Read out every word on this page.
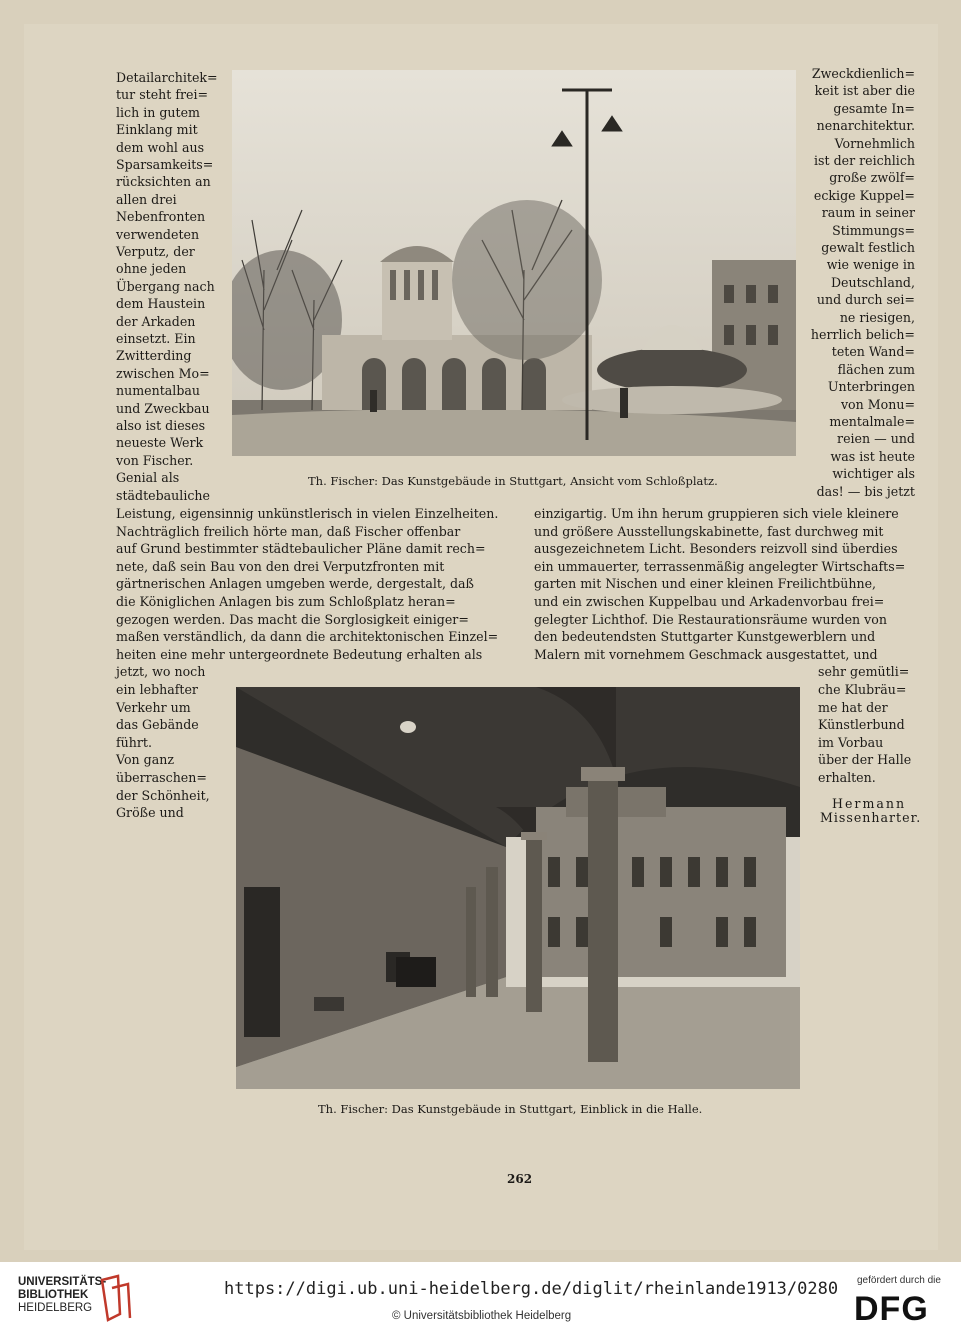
Detailarchitek=
tur steht frei=
lich in gutem
Einklang mit
dem wohl aus
Sparsamkeits=
rücksichten an
allen drei
Nebenfronten
verwendeten
Verputz, der
ohne jeden
Übergang nach
dem Haustein
der Arkaden
einsetzt. Ein
Zwitterding
zwischen Mo=
numentalbau
und Zweckbau
also ist dieses
neueste Werk
von Fischer.
Genial als
städtebauliche
Zweckdienlich=
keit ist aber die
gesamte In=
nenarchitektur.
Vornehmlich
ist der reichlich
große zwölf=
eckige Kuppel=
raum in seiner
Stimmungs=
gewalt festlich
wie wenige in
Deutschland,
und durch sei=
ne riesigen,
herrlich belich=
teten Wand=
flächen zum
Unterbringen
von Monu=
mentalmale=
reien — und
was ist heute
wichtiger als
das! — bis jetzt
Th. Fischer: Das Kunstgebäude in Stuttgart, Ansicht vom Schloßplatz.
Th. Fischer: Das Kunstgebäude in Stuttgart, Einblick in die Halle.
262
Hermann
Missenharter.
Leistung, eigensinnig unkünstlerisch in vielen Einzelheiten.
Nachträglich freilich hörte man, daß Fischer offenbar
auf Grund bestimmter städtebaulicher Pläne damit rech=
nete, daß sein Bau von den drei Verputzfronten mit
gärtnerischen Anlagen umgeben werde, dergestalt, daß
die Königlichen Anlagen bis zum Schloßplatz heran=
gezogen werden. Das macht die Sorglosigkeit einiger=
maßen verständlich, da dann die architektonischen Einzel=
heiten eine mehr untergeordnete Bedeutung erhalten als
jetzt, wo noch
ein lebhafter
Verkehr um
das Gebände
führt.
Von ganz
überraschen=
der Schönheit,
Größe und
einzigartig. Um ihn herum gruppieren sich viele kleinere
und größere Ausstellungskabinette, fast durchweg mit
ausgezeichnetem Licht. Besonders reizvoll sind überdies
ein ummauerter, terrassenmäßig angelegter Wirtschafts=
garten mit Nischen und einer kleinen Freilichtbühne,
und ein zwischen Kuppelbau und Arkadenvorbau frei=
gelegter Lichthof. Die Restaurationsräume wurden von
den bedeutendsten Stuttgarter Kunstgewerblern und
Malern mit vornehmem Geschmack ausgestattet, und
sehr gemütli=
che Klubräu=
me hat der
Künstlerbund
im Vorbau
über der Halle
erhalten.
UNIVERSITÄTS-
BIBLIOTHEK
HEIDELBERG
https://digi.ub.uni-heidelberg.de/diglit/rheinlande1913/0280
© Universitätsbibliothek Heidelberg
gefördert durch die
DFG
